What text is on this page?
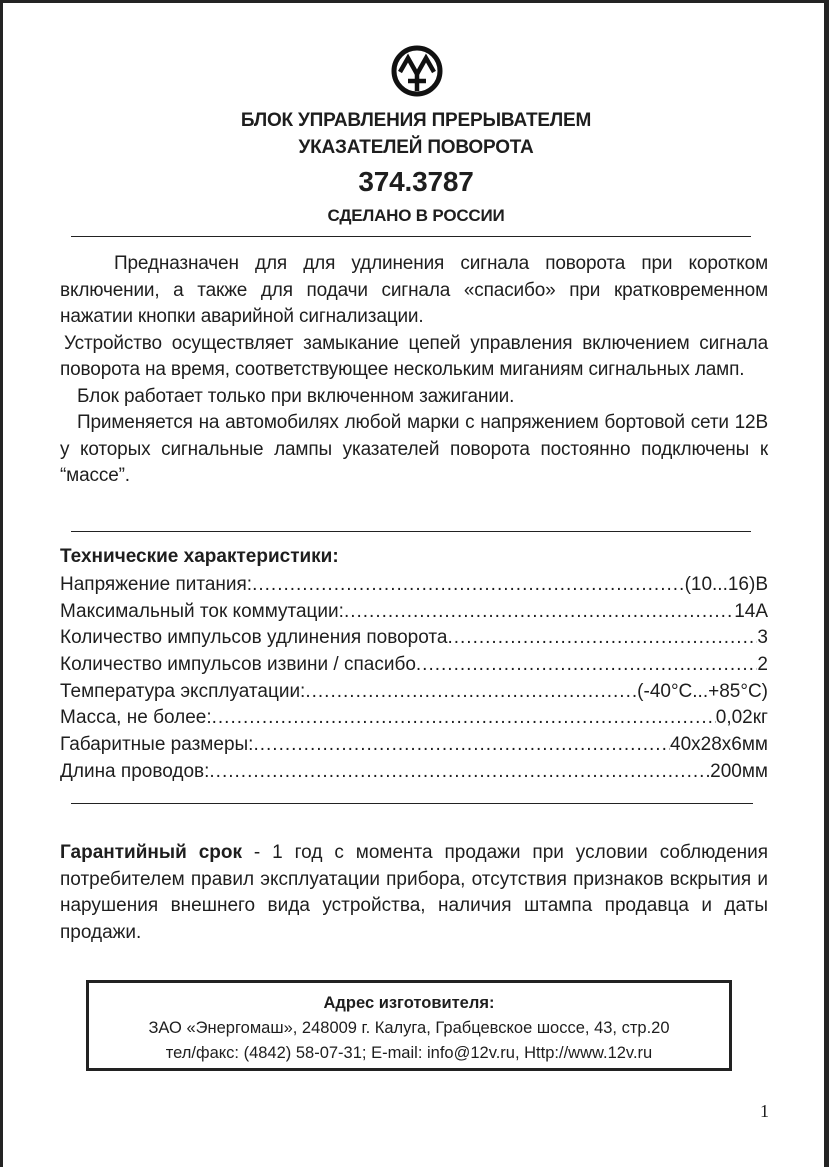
БЛОК УПРАВЛЕНИЯ ПРЕРЫВАТЕЛЕМ
УКАЗАТЕЛЕЙ ПОВОРОТА
374.3787
СДЕЛАНО В РОССИИ

Предназначен для для удлинения сигнала поворота при коротком включении, а также для подачи сигнала «спасибо» при кратковременном нажатии кнопки аварийной сигнализации.

Устройство осуществляет замыкание цепей управления включением сигнала поворота на время, соответствующее нескольким миганиям сигнальных ламп.

Блок работает только при включенном зажигании.

Применяется на автомобилях любой марки с напряжением бортовой сети 12В у которых сигнальные лампы указателей поворота постоянно подключены к “массе”.

Технические характеристики:
Напряжение питания: .....	(10...16)В
Максимальный ток коммутации: .....	14А
Количество импульсов удлинения поворота .....	3
Количество импульсов извини / спасибо .....	2
Температура эксплуатации: .....	(-40°С...+85°С)
Масса, не более: .....	0,02кг
Габаритные размеры: .....	40х28х6мм
Длина проводов: .....	200мм
Гарантийный срок - 1 год с момента продажи при условии соблюдения потребителем правил эксплуатации прибора, отсутствия признаков вскрытия и нарушения внешнего вида устройства, наличия штампа продавца и даты продажи.
Адрес изготовителя:
ЗАО «Энергомаш», 248009 г. Калуга, Грабцевское шоссе, 43, стр.20
тел/факс: (4842) 58-07-31; E-mail: info@12v.ru, Http://www.12v.ru
1
